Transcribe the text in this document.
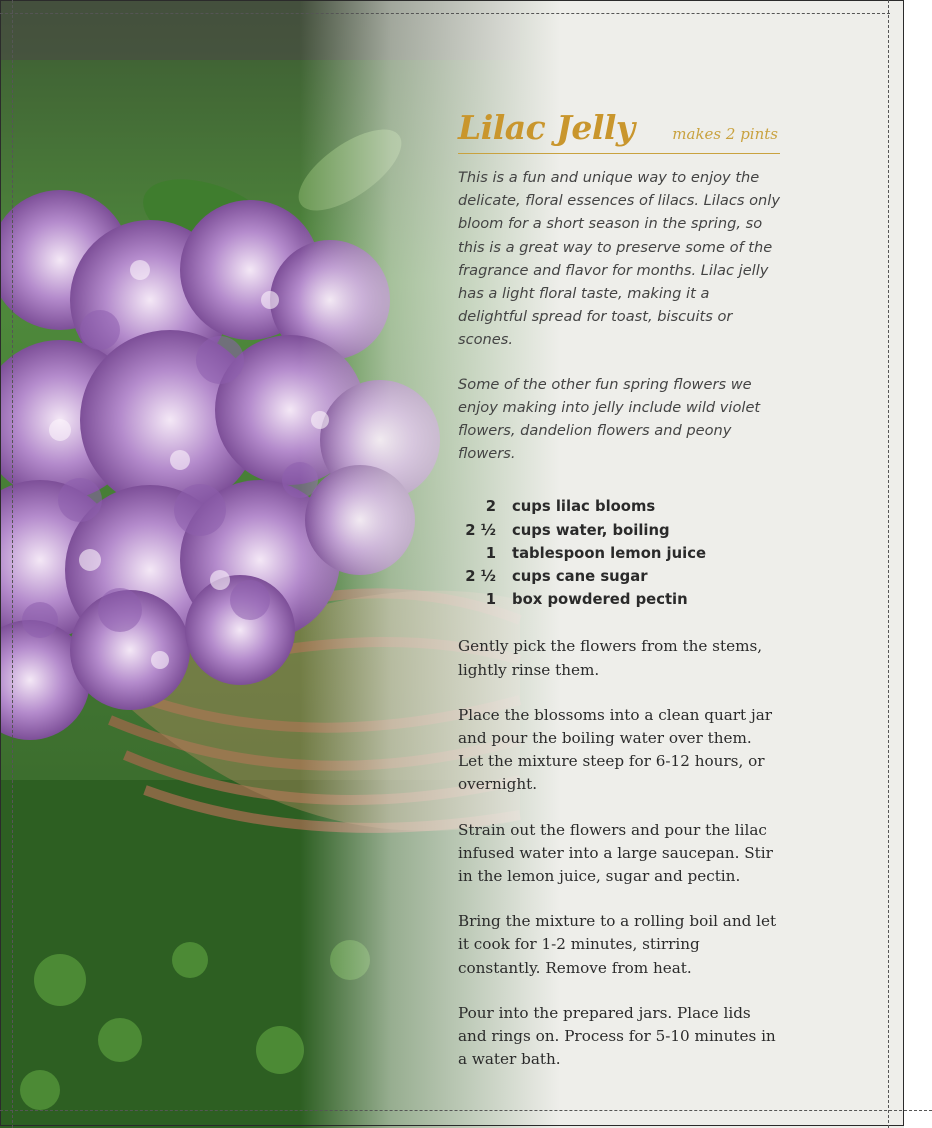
Lilac Jelly	makes 2 pints

This is a fun and unique way to enjoy the delicate, floral essences of lilacs. Lilacs only bloom for a short season in the spring, so this is a great way to preserve some of the fragrance and flavor for months. Lilac jelly has a light floral taste, making it a delightful spread for toast, biscuits or scones.

Some of the other fun spring flowers we enjoy making into jelly include wild violet flowers, dandelion flowers and peony flowers.

2	cups lilac blooms
2 ½	cups water, boiling
1	tablespoon lemon juice
2 ½	cups cane sugar
1	box powdered pectin

Gently pick the flowers from the stems, lightly rinse them.

Place the blossoms into a clean quart jar and pour the boiling water over them. Let the mixture steep for 6-12 hours, or overnight.

Strain out the flowers and pour the lilac infused water into a large saucepan. Stir in the lemon juice, sugar and pectin.

Bring the mixture to a rolling boil and let it cook for 1-2 minutes, stirring constantly. Remove from heat.

Pour into the prepared jars. Place lids and rings on. Process for 5-10 minutes in a water bath.
